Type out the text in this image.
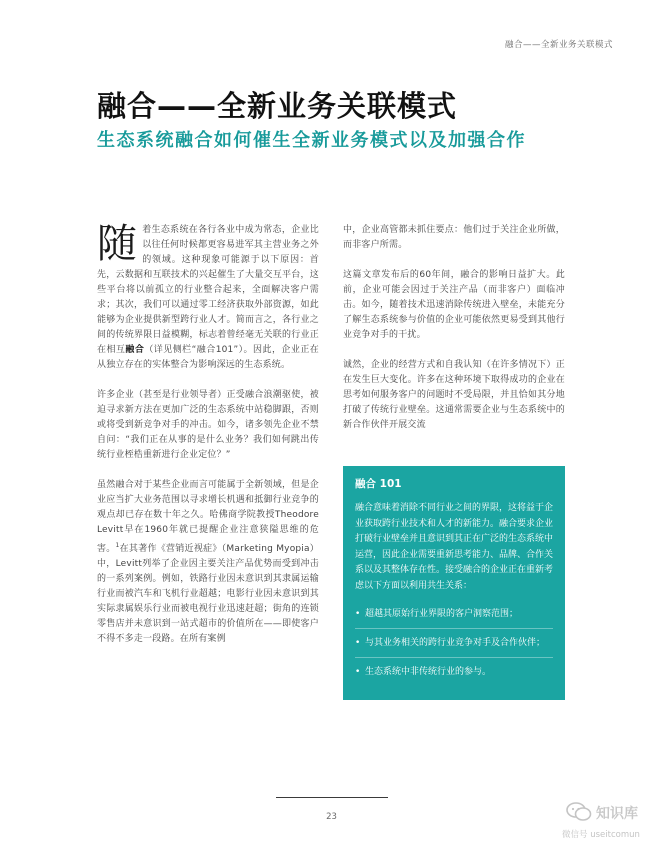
融合——全新业务关联模式
融合——全新业务关联模式
生态系统融合如何催生全新业务模式以及加强合作

随着生态系统在各行各业中成为常态，企业比以往任何时候都更容易进军其主营业务之外的领域。这种现象可能源于以下原因：首先，云数据和互联技术的兴起催生了大量交互平台，这些平台将以前孤立的行业整合起来，全面解决客户需求；其次，我们可以通过零工经济获取外部资源，如此能够为企业提供新型跨行业人才。简而言之，各行业之间的传统界限日益模糊，标志着曾经毫无关联的行业正在相互融合（详见侧栏“融合101”）。因此，企业正在从独立存在的实体整合为影响深远的生态系统。

许多企业（甚至是行业领导者）正受融合浪潮驱使，被迫寻求新方法在更加广泛的生态系统中站稳脚跟，否则或将受到新竞争对手的冲击。如今，诸多领先企业不禁自问：“我们正在从事的是什么业务？我们如何跳出传统行业桎梏重新进行企业定位？”

虽然融合对于某些企业而言可能属于全新领域，但是企业应当扩大业务范围以寻求增长机遇和抵御行业竞争的观点却已存在数十年之久。哈佛商学院教授Theodore Levitt早在1960年就已提醒企业注意狭隘思维的危害。$^1$在其著作《营销近视症》（Marketing Myopia）中，Levitt列举了企业因主要关注产品优势而受到冲击的一系列案例。例如，铁路行业因未意识到其隶属运输行业而被汽车和飞机行业超越；电影行业因未意识到其实际隶属娱乐行业而被电视行业迅速赶超；街角的连锁零售店并未意识到一站式超市的价值所在——即使客户不得不多走一段路。在所有案例

中，企业高管都未抓住要点：他们过于关注企业所做，而非客户所需。

这篇文章发布后的60年间，融合的影响日益扩大。此前，企业可能会因过于关注产品（而非客户）面临冲击。如今，随着技术迅速消除传统进入壁垒，未能充分了解生态系统参与价值的企业可能依然更易受到其他行业竞争对手的干扰。

诚然，企业的经营方式和自我认知（在许多情况下）正在发生巨大变化。许多在这种环境下取得成功的企业在思考如何服务客户的问题时不受局限，并且恰如其分地打破了传统行业壁垒。这通常需要企业与生态系统中的新合作伙伴开展交流

融合 101

融合意味着消除不同行业之间的界限，这将益于企业获取跨行业技术和人才的新能力。融合要求企业打破行业壁垒并且意识到其正在广泛的生态系统中运营，因此企业需要重新思考能力、品牌、合作关系以及其整体存在性。接受融合的企业正在重新考虑以下方面以利用共生关系：

• 超越其原始行业界限的客户洞察范围；
• 与其业务相关的跨行业竞争对手及合作伙伴；
• 生态系统中非传统行业的参与。
23	知识库
微信号 useitcomun
